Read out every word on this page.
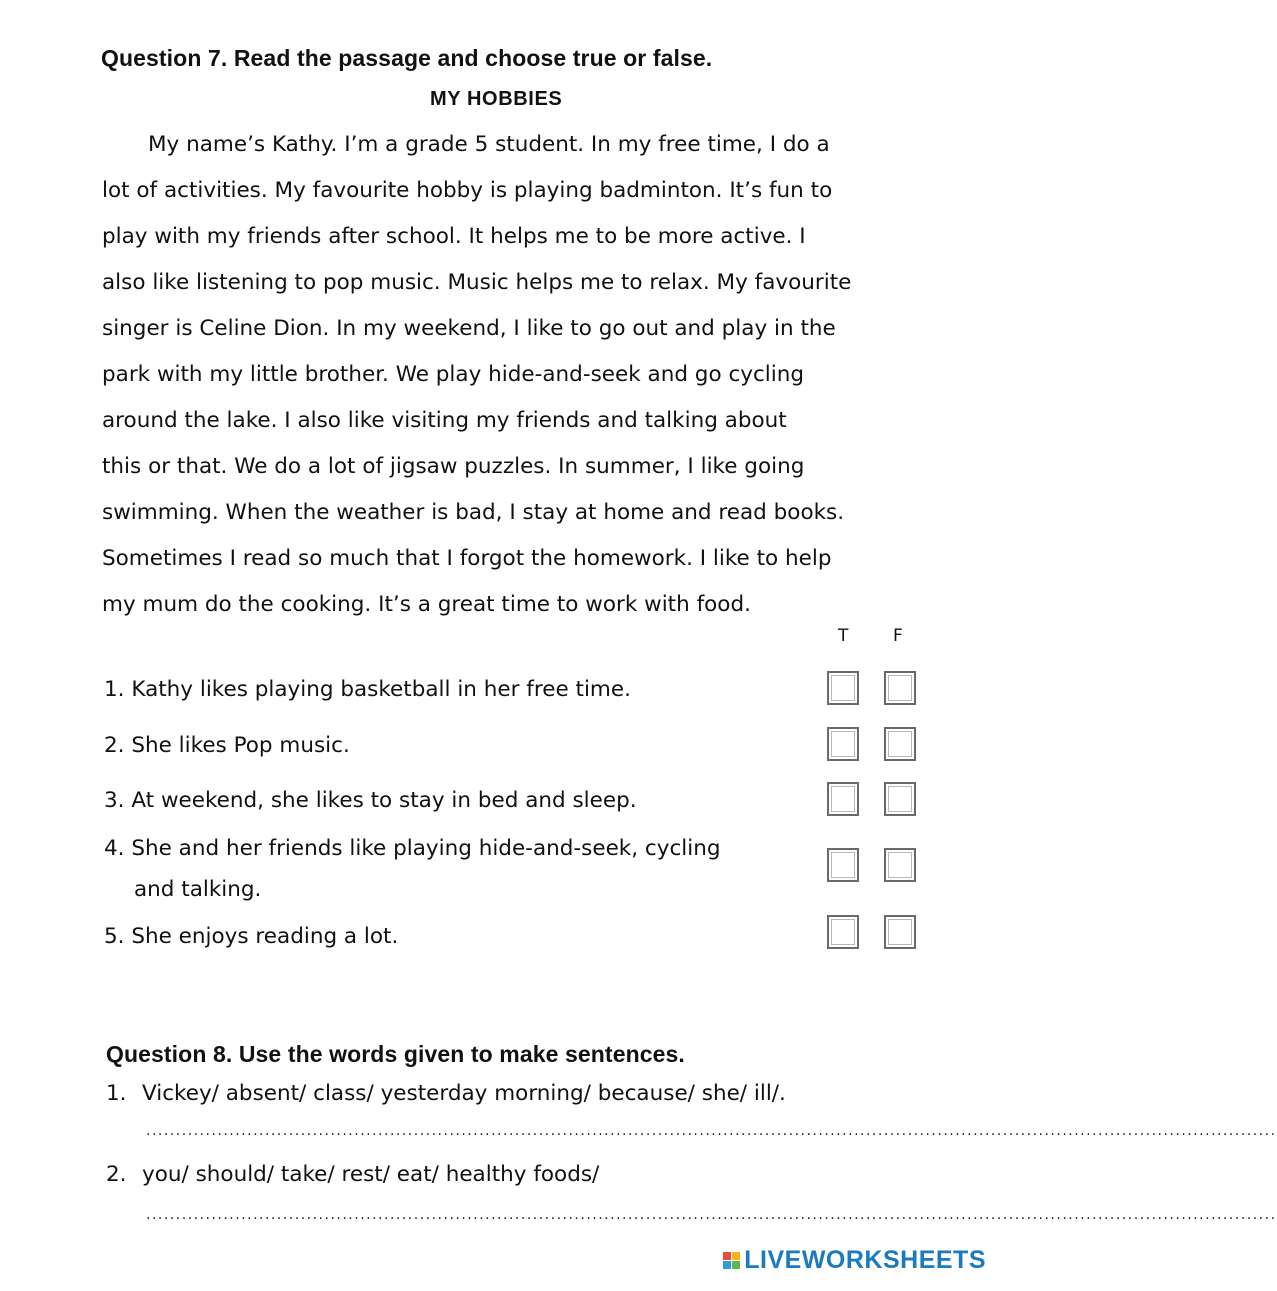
Question 7. Read the passage and choose true or false.
MY HOBBIES
My name’s Kathy. I’m a grade 5 student. In my free time, I do a
lot of activities. My favourite hobby is playing badminton. It’s fun to
play with my friends after school. It helps me to be more active. I
also like listening to pop music. Music helps me to relax. My favourite
singer is Celine Dion. In my weekend, I like to go out and play in the
park with my little brother. We play hide-and-seek and go cycling
around the lake. I also like visiting my friends and talking about
this or that. We do a lot of jigsaw puzzles. In summer, I like going
swimming. When the weather is bad, I stay at home and read books.
Sometimes I read so much that I forgot the homework. I like to help
my mum do the cooking. It’s a great time to work with food.
T	F
1. Kathy likes playing basketball in her free time.
2. She likes Pop music.
3. At weekend, she likes to stay in bed and sleep.
4. She and her friends like playing hide-and-seek, cycling
and talking.
5. She enjoys reading a lot.
Question 8. Use the words given to make sentences.
1. Vickey/ absent/ class/ yesterday morning/ because/ she/ ill/.
..............................................................................................................................................................................................
2. you/ should/ take/ rest/ eat/ healthy foods/
..............................................................................................................................................................................................
LIVEWORKSHEETS
